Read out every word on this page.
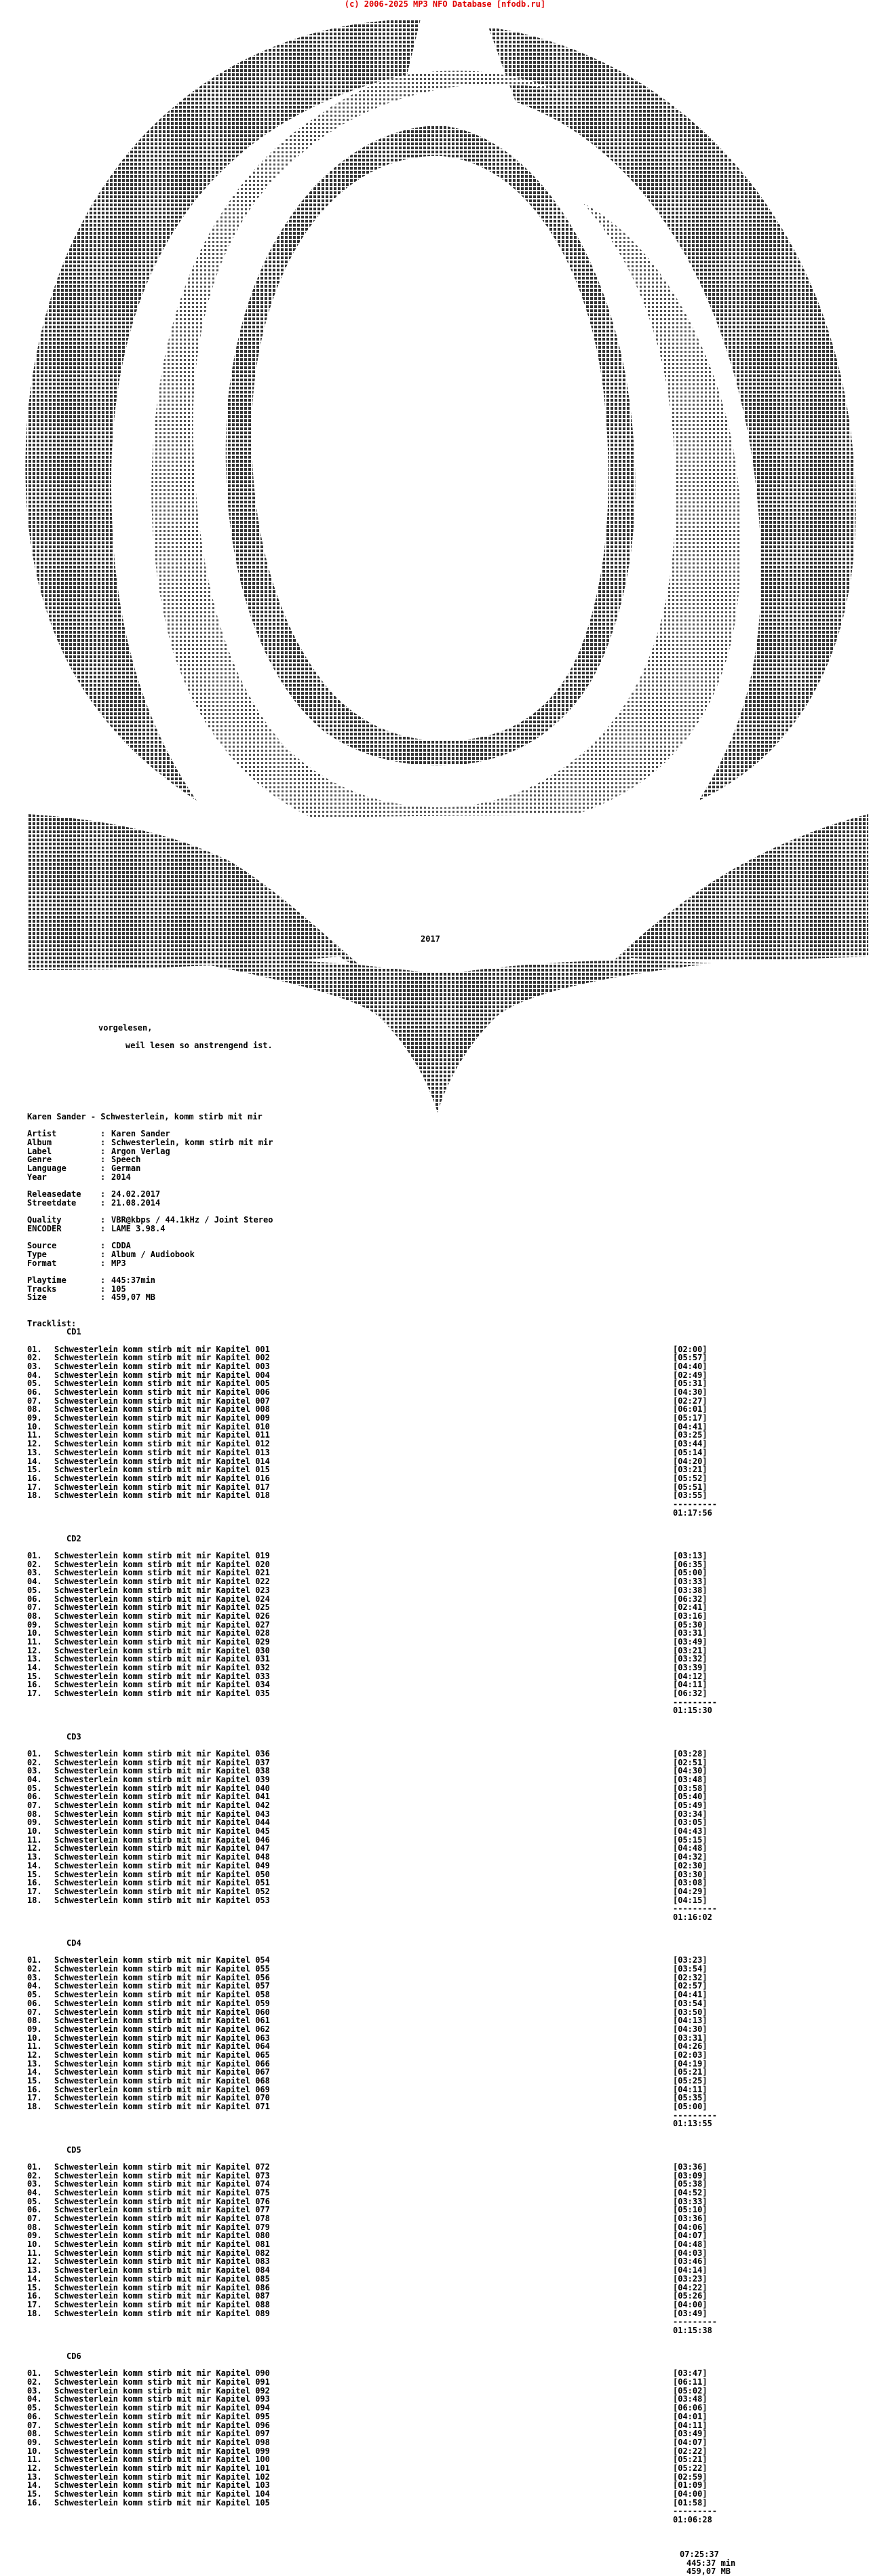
(c) 2006-2025 MP3 NFO Database [nfodb.ru]
2017
vorgelesen,
weil lesen so anstrengend ist.
Karen Sander - Schwesterlein, komm stirb mit mir
Artist	: Karen Sander
Album	: Schwesterlein, komm stirb mit mir
Label	: Argon Verlag
Genre	: Speech
Language	: German
Year	: 2014
Releasedate	: 24.02.2017
Streetdate	: 21.08.2014
Quality	: VBR@kbps / 44.1kHz / Joint Stereo
ENCODER	: LAME 3.98.4
Source	: CDDA
Type	: Album / Audiobook
Format	: MP3
Playtime	: 445:37min
Tracks	: 105
Size	: 459,07 MB
Tracklist:
CD1
01.	Schwesterlein komm stirb mit mir Kapitel 001	[02:00]
02.	Schwesterlein komm stirb mit mir Kapitel 002	[05:57]
03.	Schwesterlein komm stirb mit mir Kapitel 003	[04:40]
04.	Schwesterlein komm stirb mit mir Kapitel 004	[02:49]
05.	Schwesterlein komm stirb mit mir Kapitel 005	[05:31]
06.	Schwesterlein komm stirb mit mir Kapitel 006	[04:30]
07.	Schwesterlein komm stirb mit mir Kapitel 007	[02:27]
08.	Schwesterlein komm stirb mit mir Kapitel 008	[06:01]
09.	Schwesterlein komm stirb mit mir Kapitel 009	[05:17]
10.	Schwesterlein komm stirb mit mir Kapitel 010	[04:41]
11.	Schwesterlein komm stirb mit mir Kapitel 011	[03:25]
12.	Schwesterlein komm stirb mit mir Kapitel 012	[03:44]
13.	Schwesterlein komm stirb mit mir Kapitel 013	[05:14]
14.	Schwesterlein komm stirb mit mir Kapitel 014	[04:20]
15.	Schwesterlein komm stirb mit mir Kapitel 015	[03:21]
16.	Schwesterlein komm stirb mit mir Kapitel 016	[05:52]
17.	Schwesterlein komm stirb mit mir Kapitel 017	[05:51]
18.	Schwesterlein komm stirb mit mir Kapitel 018	[03:55]
---------
01:17:56
CD2
01.	Schwesterlein komm stirb mit mir Kapitel 019	[03:13]
02.	Schwesterlein komm stirb mit mir Kapitel 020	[06:35]
03.	Schwesterlein komm stirb mit mir Kapitel 021	[05:00]
04.	Schwesterlein komm stirb mit mir Kapitel 022	[03:33]
05.	Schwesterlein komm stirb mit mir Kapitel 023	[03:38]
06.	Schwesterlein komm stirb mit mir Kapitel 024	[06:32]
07.	Schwesterlein komm stirb mit mir Kapitel 025	[02:41]
08.	Schwesterlein komm stirb mit mir Kapitel 026	[03:16]
09.	Schwesterlein komm stirb mit mir Kapitel 027	[05:30]
10.	Schwesterlein komm stirb mit mir Kapitel 028	[03:31]
11.	Schwesterlein komm stirb mit mir Kapitel 029	[03:49]
12.	Schwesterlein komm stirb mit mir Kapitel 030	[03:21]
13.	Schwesterlein komm stirb mit mir Kapitel 031	[03:32]
14.	Schwesterlein komm stirb mit mir Kapitel 032	[03:39]
15.	Schwesterlein komm stirb mit mir Kapitel 033	[04:12]
16.	Schwesterlein komm stirb mit mir Kapitel 034	[04:11]
17.	Schwesterlein komm stirb mit mir Kapitel 035	[06:32]
---------
01:15:30
CD3
01.	Schwesterlein komm stirb mit mir Kapitel 036	[03:28]
02.	Schwesterlein komm stirb mit mir Kapitel 037	[02:51]
03.	Schwesterlein komm stirb mit mir Kapitel 038	[04:30]
04.	Schwesterlein komm stirb mit mir Kapitel 039	[03:48]
05.	Schwesterlein komm stirb mit mir Kapitel 040	[03:58]
06.	Schwesterlein komm stirb mit mir Kapitel 041	[05:40]
07.	Schwesterlein komm stirb mit mir Kapitel 042	[05:49]
08.	Schwesterlein komm stirb mit mir Kapitel 043	[03:34]
09.	Schwesterlein komm stirb mit mir Kapitel 044	[03:05]
10.	Schwesterlein komm stirb mit mir Kapitel 045	[04:43]
11.	Schwesterlein komm stirb mit mir Kapitel 046	[05:15]
12.	Schwesterlein komm stirb mit mir Kapitel 047	[04:48]
13.	Schwesterlein komm stirb mit mir Kapitel 048	[04:32]
14.	Schwesterlein komm stirb mit mir Kapitel 049	[02:30]
15.	Schwesterlein komm stirb mit mir Kapitel 050	[03:30]
16.	Schwesterlein komm stirb mit mir Kapitel 051	[03:08]
17.	Schwesterlein komm stirb mit mir Kapitel 052	[04:29]
18.	Schwesterlein komm stirb mit mir Kapitel 053	[04:15]
---------
01:16:02
CD4
01.	Schwesterlein komm stirb mit mir Kapitel 054	[03:23]
02.	Schwesterlein komm stirb mit mir Kapitel 055	[03:54]
03.	Schwesterlein komm stirb mit mir Kapitel 056	[02:32]
04.	Schwesterlein komm stirb mit mir Kapitel 057	[02:57]
05.	Schwesterlein komm stirb mit mir Kapitel 058	[04:41]
06.	Schwesterlein komm stirb mit mir Kapitel 059	[03:54]
07.	Schwesterlein komm stirb mit mir Kapitel 060	[03:50]
08.	Schwesterlein komm stirb mit mir Kapitel 061	[04:13]
09.	Schwesterlein komm stirb mit mir Kapitel 062	[04:30]
10.	Schwesterlein komm stirb mit mir Kapitel 063	[03:31]
11.	Schwesterlein komm stirb mit mir Kapitel 064	[04:26]
12.	Schwesterlein komm stirb mit mir Kapitel 065	[02:03]
13.	Schwesterlein komm stirb mit mir Kapitel 066	[04:19]
14.	Schwesterlein komm stirb mit mir Kapitel 067	[05:21]
15.	Schwesterlein komm stirb mit mir Kapitel 068	[05:25]
16.	Schwesterlein komm stirb mit mir Kapitel 069	[04:11]
17.	Schwesterlein komm stirb mit mir Kapitel 070	[05:35]
18.	Schwesterlein komm stirb mit mir Kapitel 071	[05:00]
---------
01:13:55
CD5
01.	Schwesterlein komm stirb mit mir Kapitel 072	[03:36]
02.	Schwesterlein komm stirb mit mir Kapitel 073	[03:09]
03.	Schwesterlein komm stirb mit mir Kapitel 074	[05:38]
04.	Schwesterlein komm stirb mit mir Kapitel 075	[04:52]
05.	Schwesterlein komm stirb mit mir Kapitel 076	[03:33]
06.	Schwesterlein komm stirb mit mir Kapitel 077	[05:10]
07.	Schwesterlein komm stirb mit mir Kapitel 078	[03:36]
08.	Schwesterlein komm stirb mit mir Kapitel 079	[04:06]
09.	Schwesterlein komm stirb mit mir Kapitel 080	[04:07]
10.	Schwesterlein komm stirb mit mir Kapitel 081	[04:48]
11.	Schwesterlein komm stirb mit mir Kapitel 082	[04:03]
12.	Schwesterlein komm stirb mit mir Kapitel 083	[03:46]
13.	Schwesterlein komm stirb mit mir Kapitel 084	[04:14]
14.	Schwesterlein komm stirb mit mir Kapitel 085	[03:23]
15.	Schwesterlein komm stirb mit mir Kapitel 086	[04:22]
16.	Schwesterlein komm stirb mit mir Kapitel 087	[05:26]
17.	Schwesterlein komm stirb mit mir Kapitel 088	[04:00]
18.	Schwesterlein komm stirb mit mir Kapitel 089	[03:49]
---------
01:15:38
CD6
01.	Schwesterlein komm stirb mit mir Kapitel 090	[03:47]
02.	Schwesterlein komm stirb mit mir Kapitel 091	[06:11]
03.	Schwesterlein komm stirb mit mir Kapitel 092	[05:02]
04.	Schwesterlein komm stirb mit mir Kapitel 093	[03:48]
05.	Schwesterlein komm stirb mit mir Kapitel 094	[06:06]
06.	Schwesterlein komm stirb mit mir Kapitel 095	[04:01]
07.	Schwesterlein komm stirb mit mir Kapitel 096	[04:11]
08.	Schwesterlein komm stirb mit mir Kapitel 097	[03:49]
09.	Schwesterlein komm stirb mit mir Kapitel 098	[04:07]
10.	Schwesterlein komm stirb mit mir Kapitel 099	[02:22]
11.	Schwesterlein komm stirb mit mir Kapitel 100	[05:21]
12.	Schwesterlein komm stirb mit mir Kapitel 101	[05:22]
13.	Schwesterlein komm stirb mit mir Kapitel 102	[02:59]
14.	Schwesterlein komm stirb mit mir Kapitel 103	[01:09]
15.	Schwesterlein komm stirb mit mir Kapitel 104	[04:00]
16.	Schwesterlein komm stirb mit mir Kapitel 105	[01:58]
---------
01:06:28
07:25:37
445:37 min
459,07 MB
